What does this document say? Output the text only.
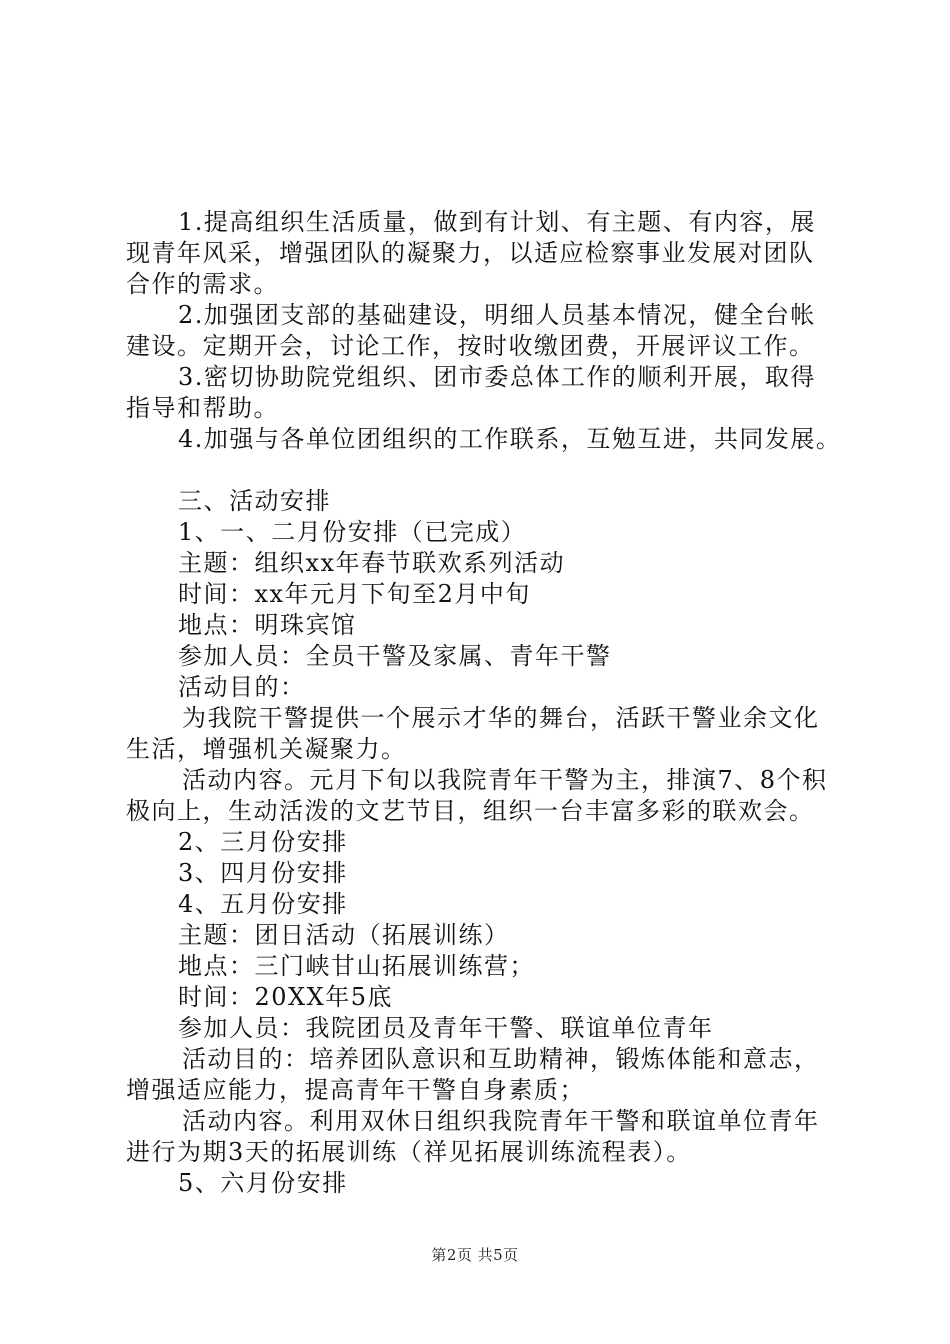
1.提高组织生活质量，做到有计划、有主题、有内容，展

现青年风采，增强团队的凝聚力，以适应检察事业发展对团队

合作的需求。

2.加强团支部的基础建设，明细人员基本情况，健全台帐

建设。定期开会，讨论工作，按时收缴团费，开展评议工作。

3.密切协助院党组织、团市委总体工作的顺利开展，取得

指导和帮助。

4.加强与各单位团组织的工作联系，互勉互进，共同发展。

三、活动安排

1、一、二月份安排（已完成）

主题：组织xx年春节联欢系列活动

时间：xx年元月下旬至2月中旬

地点：明珠宾馆

参加人员：全员干警及家属、青年干警

活动目的：

为我院干警提供一个展示才华的舞台，活跃干警业余文化

生活，增强机关凝聚力。

活动内容。元月下旬以我院青年干警为主，排演7、8个积

极向上，生动活泼的文艺节目，组织一台丰富多彩的联欢会。

2、三月份安排

3、四月份安排

4、五月份安排

主题：团日活动（拓展训练）

地点：三门峡甘山拓展训练营；

时间：20XX年5底

参加人员：我院团员及青年干警、联谊单位青年

活动目的：培养团队意识和互助精神，锻炼体能和意志，

增强适应能力，提高青年干警自身素质；

活动内容。利用双休日组织我院青年干警和联谊单位青年

进行为期3天的拓展训练（祥见拓展训练流程表）。

5、六月份安排

第2页 共5页
